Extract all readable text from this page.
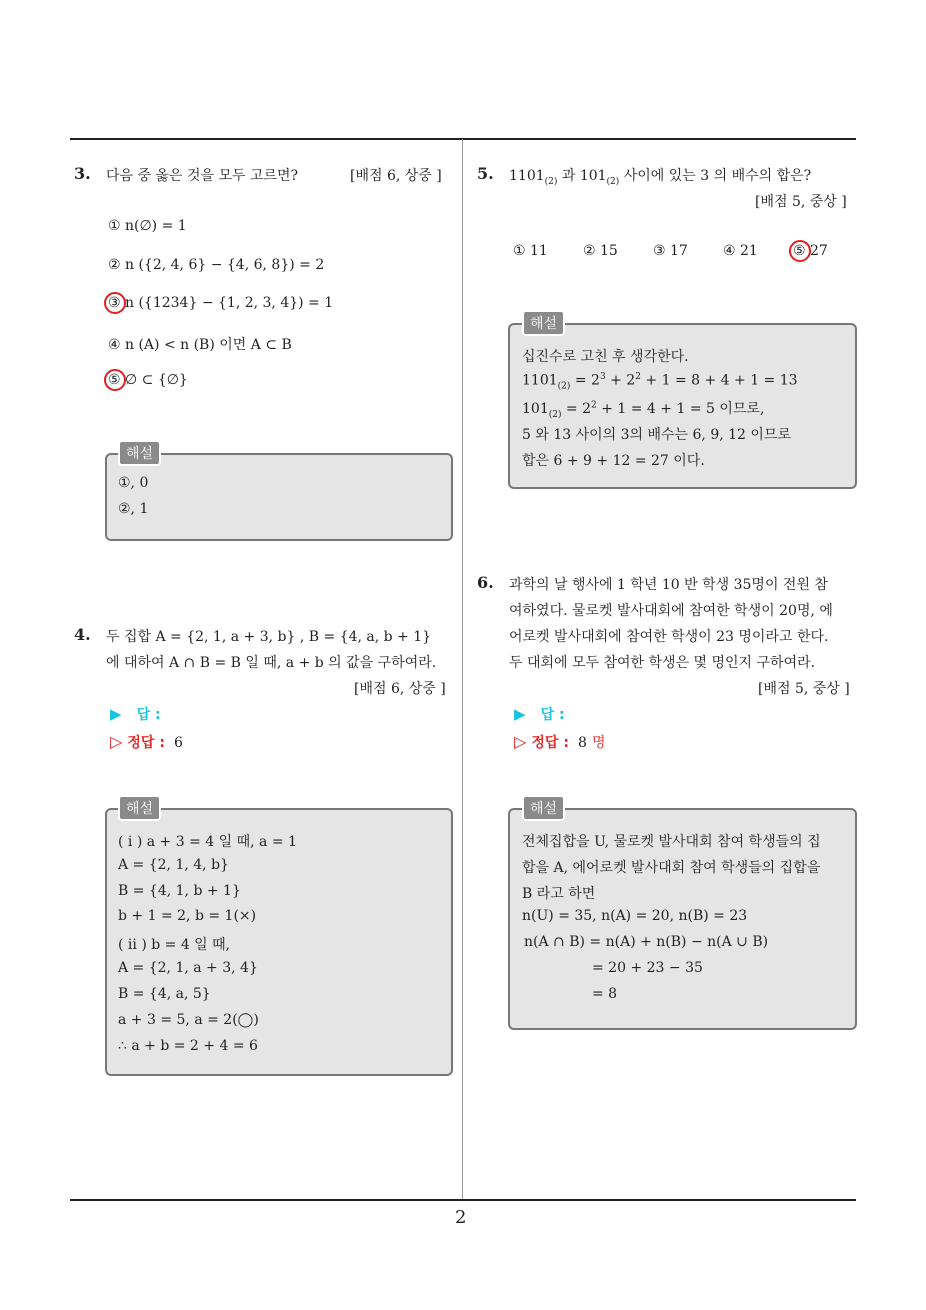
2
3. 다음 중 옳은 것을 모두 고르면?	[배점 6, 상중 ]
① n(∅) = 1
② n ({2, 4, 6} − {4, 6, 8}) = 2
③ n ({1234} − {1, 2, 3, 4}) = 1
④ n (A) < n (B) 이면 A ⊂ B
⑤ ∅ ⊂ {∅}
해설
①, 0
②, 1
4. 두 집합 A = {2, 1, a + 3, b} , B = {4, a, b + 1}
에 대하여 A ∩ B = B 일 때, a + b 의 값을 구하여라.
[배점 6, 상중 ]
▶ 답 :
▷ 정답 : 6
해설
( i ) a + 3 = 4 일 때, a = 1
A = {2, 1, 4, b}
B = {4, 1, b + 1}
b + 1 = 2, b = 1(×)
( ii ) b = 4 일 때,
A = {2, 1, a + 3, 4}
B = {4, a, 5}
a + 3 = 5, a = 2(◯)
∴ a + b = 2 + 4 = 6
5. $1101_{(2)}$ 과 $101_{(2)}$ 사이에 있는 3 의 배수의 합은?
[배점 5, 중상 ]
① 11	② 15	③ 17	④ 21	⑤ 27
해설
십진수로 고친 후 생각한다.
$1101_{(2)} = 2^3 + 2^2 + 1 = 8 + 4 + 1 = 13$
$101_{(2)} = 2^2 + 1 = 4 + 1 = 5$ 이므로,
5 와 13 사이의 3의 배수는 6, 9, 12 이므로
합은 6 + 9 + 12 = 27 이다.
6. 과학의 날 행사에 1 학년 10 반 학생 35명이 전원 참
여하였다. 물로켓 발사대회에 참여한 학생이 20명, 에
어로켓 발사대회에 참여한 학생이 23 명이라고 한다.
두 대회에 모두 참여한 학생은 몇 명인지 구하여라.
[배점 5, 중상 ]
▶ 답 :
▷ 정답 : 8 명
해설
전체집합을 U, 물로켓 발사대회 참여 학생들의 집
합을 A, 에어로켓 발사대회 참여 학생들의 집합을
B 라고 하면
n(U) = 35, n(A) = 20, n(B) = 23
n(A ∩ B) = n(A) + n(B) − n(A ∪ B)
= 20 + 23 − 35
= 8
